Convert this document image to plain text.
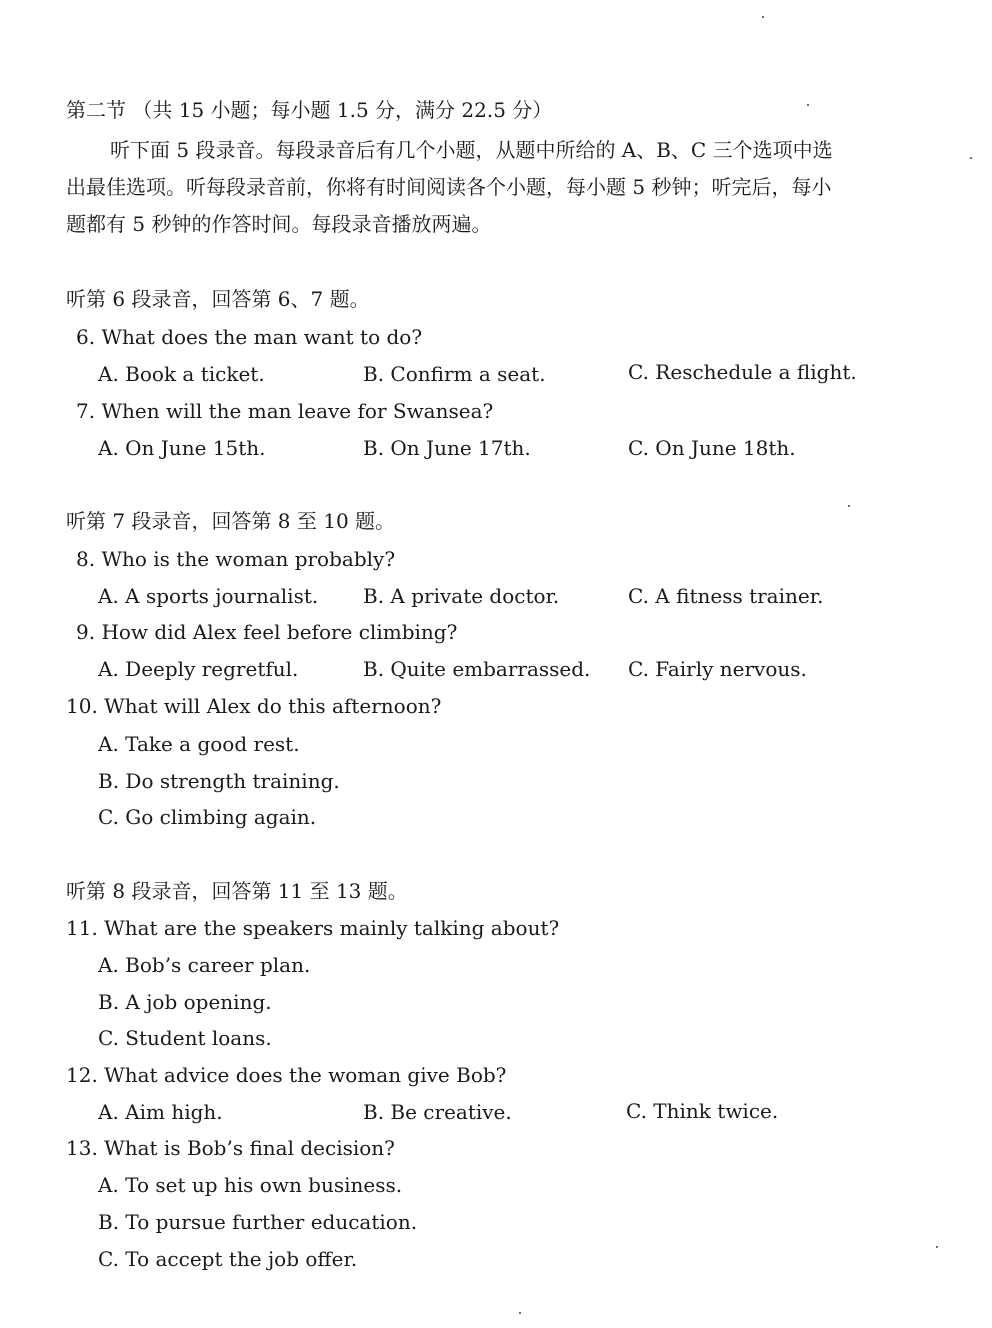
第二节 （共 15 小题；每小题 1.5 分，满分 22.5 分）
听下面 5 段录音。每段录音后有几个小题，从题中所给的 A、B、C 三个选项中选
出最佳选项。听每段录音前，你将有时间阅读各个小题，每小题 5 秒钟；听完后，每小
题都有 5 秒钟的作答时间。每段录音播放两遍。
听第 6 段录音，回答第 6、7 题。
6. What does the man want to do?
A. Book a ticket.	B. Confirm a seat.	C. Reschedule a flight.
7. When will the man leave for Swansea?
A. On June 15th.	B. On June 17th.	C. On June 18th.
听第 7 段录音，回答第 8 至 10 题。
8. Who is the woman probably?
A. A sports journalist. B. A private doctor.	C. A fitness trainer.
9. How did Alex feel before climbing?
A. Deeply regretful.	B. Quite embarrassed. C. Fairly nervous.
10. What will Alex do this afternoon?
A. Take a good rest.
B. Do strength training.
C. Go climbing again.
听第 8 段录音，回答第 11 至 13 题。
11. What are the speakers mainly talking about?
A. Bob’s career plan.
B. A job opening.
C. Student loans.
12. What advice does the woman give Bob?
A. Aim high.	B. Be creative.	C. Think twice.
13. What is Bob’s final decision?
A. To set up his own business.
B. To pursue further education.
C. To accept the job offer.
